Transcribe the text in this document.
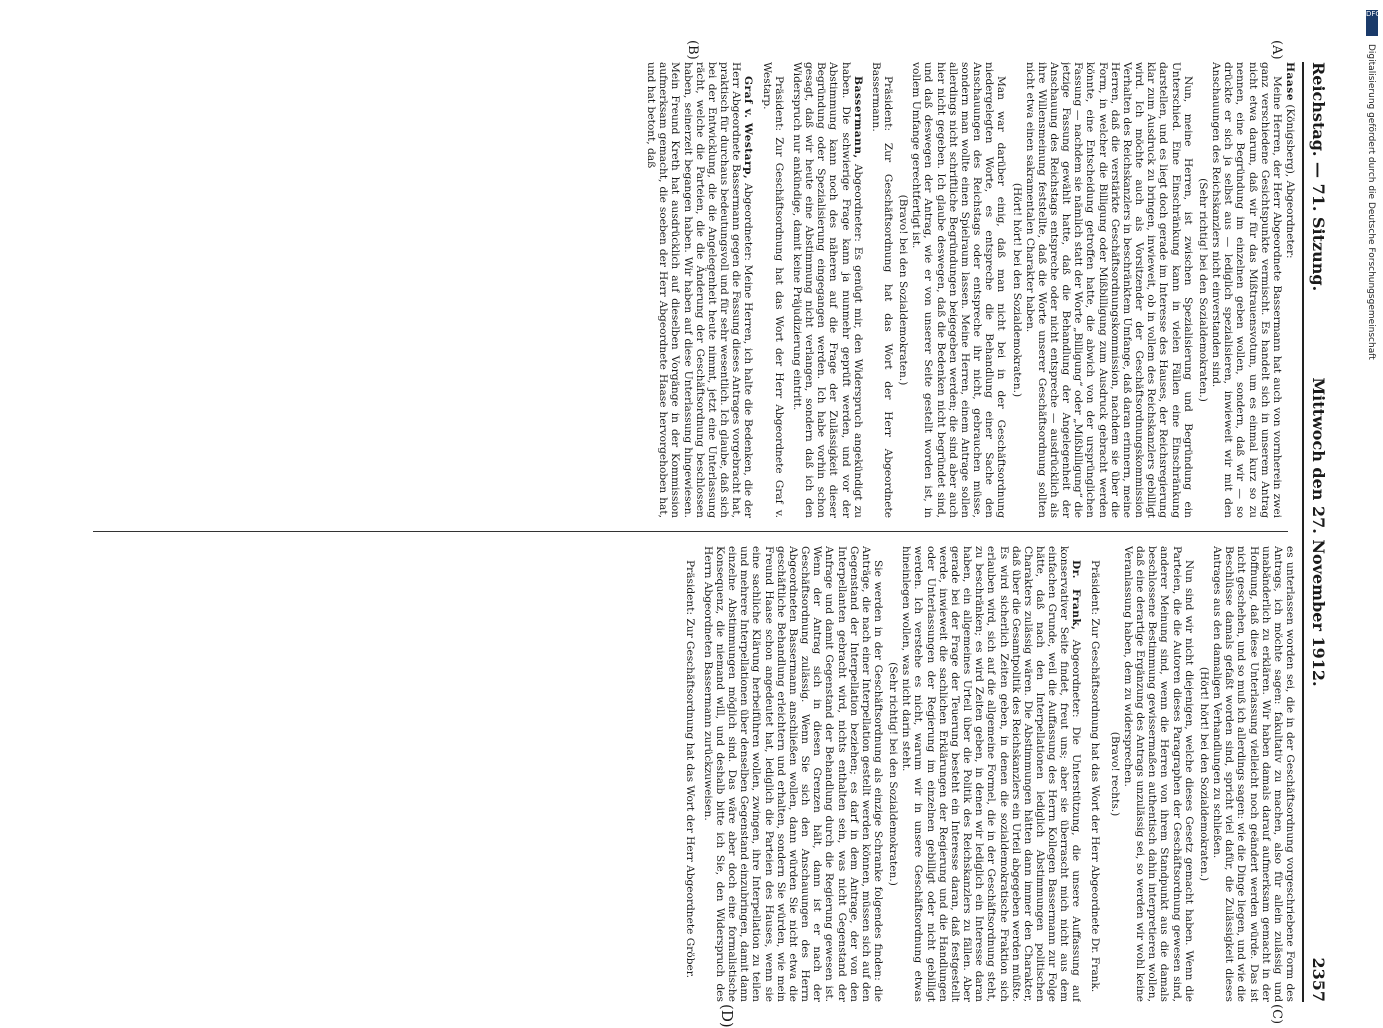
Reichstag. — 71. Sitzung.
Mittwoch den 27. November 1912.
2357
(A)
(B)
(C)
(D)

Haase (Königsberg), Abgeordneter:

Meine Herren, der Herr Abgeordnete Bassermann hat auch von vornherein zwei ganz verschiedene Gesichtspunkte vermischt. Es handelt sich in unserem Antrag nicht etwa darum, daß wir für das Mißtrauensvotum, um es einmal kurz so zu nennen, eine Begründung im einzelnen geben wollen, sondern, daß wir — so drückte er sich ja selbst aus — lediglich spezialisieren, inwieweit wir mit den Anschauungen des Reichskanzlers nicht einverstanden sind.

(Sehr richtig! bei den Sozialdemokraten.)

Nun, meine Herren, ist zwischen Spezialisierung und Begründung ein Unterschied. Eine Einschränkung kann in vielen Fällen eine Einschränkung darstellen, und es liegt doch gerade im Interesse des Hauses, der Reichsregierung klar zum Ausdruck zu bringen, inwieweit, ob in vollem des Reichskanzlers gebilligt wird. Ich möchte auch als Vorsitzender der Geschäftsordnungskommission Verhalten des Reichskanzlers in beschränktem Umfange, daß daran erinnern, meine Herren, daß die verstärkte Geschäftsordnungskommission, nachdem sie über die Form, in welcher die Billigung oder Mißbilligung zum Ausdruck gebracht werden könnte, eine Entscheidung getroffen hatte, die abwich von der ursprünglichen Fassung — nachdem sie nämlich statt der Worte „Billigung“ oder „Mißbilligung“ die jetzige Fassung gewählt hatte, daß die Behandlung der Angelegenheit der Anschauung des Reichstags entspreche oder nicht entspreche — ausdrücklich als ihre Willensmeinung feststellte, daß die Worte unserer Geschäftsordnung sollten nicht etwa einen sakramentalen Charakter haben.

(Hört! hört! bei den Sozialdemokraten.)

Man war darüber einig, daß man nicht bei in der Geschäftsordnung niedergelegten Worte, es entspreche die Behandlung einer Sache den Anschauungen des Reichstags oder entspreche ihr nicht, gebrauchen müsse, sondern man wollte einen Spielraum lassen. Meine Herren, einem Antrage sollen allerdings nicht schriftliche Begründungen beigegeben werden; die sind aber auch hier nicht gegeben. Ich glaube deswegen, daß die Bedenken nicht begründet sind, und daß deswegen der Antrag, wie er von unserer Seite gestellt worden ist, in vollem Umfange gerechtfertigt ist.

(Bravo! bei den Sozialdemokraten.)

Präsident: Zur Geschäftsordnung hat das Wort der Herr Abgeordnete Bassermann.

Bassermann, Abgeordneter: Es genügt mir, den Widerspruch angekündigt zu haben. Die schwierige Frage kann ja nunmehr geprüft werden, und vor der Abstimmung kann noch des näheren auf die Frage der Zulässigkeit dieser Begründung oder Spezialisierung eingegangen werden. Ich habe vorhin schon gesagt, daß wir heute eine Abstimmung nicht verlangen, sondern daß ich den Widerspruch nur ankündige, damit keine Präjudizierung eintritt.

Präsident: Zur Geschäftsordnung hat das Wort der Herr Abgeordnete Graf v. Westarp.

Graf v. Westarp, Abgeordneter: Meine Herren, ich halte die Bedenken, die der Herr Abgeordnete Bassermann gegen die Fassung dieses Antrages vorgebracht hat, praktisch für durchaus bedeutungsvoll und für sehr wesentlich. Ich glaube, daß sich bei der Entwicklung, die die Angelegenheit heute nimmt, jetzt eine Unterlassung rächt, welche die Parteien, die die Änderung der Geschäftsordnung beschlossen haben, seinerzeit begangen haben. Wir haben auf diese Unterlassung hingewiesen. Mein Freund Kreth hat ausdrücklich auf dieselben Vorgänge in der Kommission aufmerksam gemacht, die soeben der Herr Abgeordnete Haase hervorgehoben hat, und hat betont, daß

es unterlassen worden sei, die in der Geschäftsordnung vorgeschriebene Form des Antrags, ich möchte sagen: fakultativ zu machen, also für allein zulässig und unabänderlich zu erklären. Wir haben damals darauf aufmerksam gemacht in der Hoffnung, daß diese Unterlassung vielleicht noch geändert werden würde. Das ist nicht geschehen, und so muß ich allerdings sagen: wie die Dinge liegen, und wie die Beschlüsse damals gefaßt worden sind, spricht viel dafür, die Zulässigkeit dieses Antrages aus den damaligen Verhandlungen zu schließen.

(Hört! hört! bei den Sozialdemokraten.)

Nun sind wir nicht diejenigen, welche dieses Gesetz gemacht haben. Wenn die Parteien, die die Autoren dieses Paragraphen der Geschäftsordnung gewesen sind, anderer Meinung sind, wenn die Herren von ihrem Standpunkt aus die damals beschlossene Bestimmung gewissermaßen authentisch dahin interpretieren wollen, daß eine derartige Ergänzung des Antrags unzulässig sei, so werden wir wohl keine Veranlassung haben, dem zu widersprechen.

(Bravo! rechts.)

Präsident: Zur Geschäftsordnung hat das Wort der Herr Abgeordnete Dr. Frank.

Dr. Frank, Abgeordneter: Die Unterstützung, die unsere Auffassung auf konservativer Seite findet, freut uns; aber sie überrascht mich nicht aus dem einfachen Grunde, weil die Auffassung des Herrn Kollegen Bassermann zur Folge hätte, daß nach den Interpellationen lediglich Abstimmungen politischen Charakters zulässig wären. Die Abstimmungen hätten dann immer den Charakter, daß über die Gesamtpolitik des Reichskanzlers ein Urteil abgegeben werden müßte. Es wird sicherlich Zeiten geben, in denen die sozialdemokratische Fraktion sich erlauben wird, sich auf die allgemeine Formel, die in der Geschäftsordnung steht, zu beschränken; es wird Zeiten geben, in denen wir lediglich ein Interesse daran haben, ein allgemeines Urteil über die Politik des Reichskanzlers zu fällen. Aber gerade bei der Frage der Teuerung besteht ein Interesse daran, daß festgestellt werde, inwieweit die sachlichen Erklärungen der Regierung und die Handlungen oder Unterlassungen der Regierung im einzelnen gebilligt oder nicht gebilligt werden. Ich verstehe es nicht, warum wir in unsere Geschäftsordnung etwas hineinlegen wollen, was nicht darin steht.

(Sehr richtig! bei den Sozialdemokraten.)

Sie werden in der Geschäftsordnung als einzige Schranke folgendes finden: die Anträge, die nach einer Interpellation gestellt werden können, müssen sich auf den Gegenstand der Interpellation beziehen; es darf in dem Antrage, der von den Interpellanten gebracht wird, nichts enthalten sein, was nicht Gegenstand der Anfrage und damit Gegenstand der Behandlung durch die Regierung gewesen ist. Wenn der Antrag sich in diesen Grenzen hält, dann ist er nach der Geschäftsordnung zulässig. Wenn Sie sich den Anschauungen des Herrn Abgeordneten Bassermann anschließen wollen, dann würden Sie nicht etwa die geschäftliche Behandlung erleichtern und erhalten, sondern Sie würden, wie mein Freund Haase schon angedeutet hat, lediglich die Parteien des Hauses, wenn sie eine sachliche Klärung herbeiführen wollen, zwingen, ihre Interpellation zu teilen und mehrere Interpellationen über denselben Gegenstand einzubringen, damit dann einzelne Abstimmungen möglich sind. Das wäre aber doch eine formalistische Konsequenz, die niemand will, und deshalb bitte ich Sie, den Widerspruch des Herrn Abgeordneten Bassermann zurückzuweisen.

Präsident: Zur Geschäftsordnung hat das Wort der Herr Abgeordnete Gröber.

DFG
Digitalisierung gefördert durch die Deutsche Forschungsgemeinschaft
